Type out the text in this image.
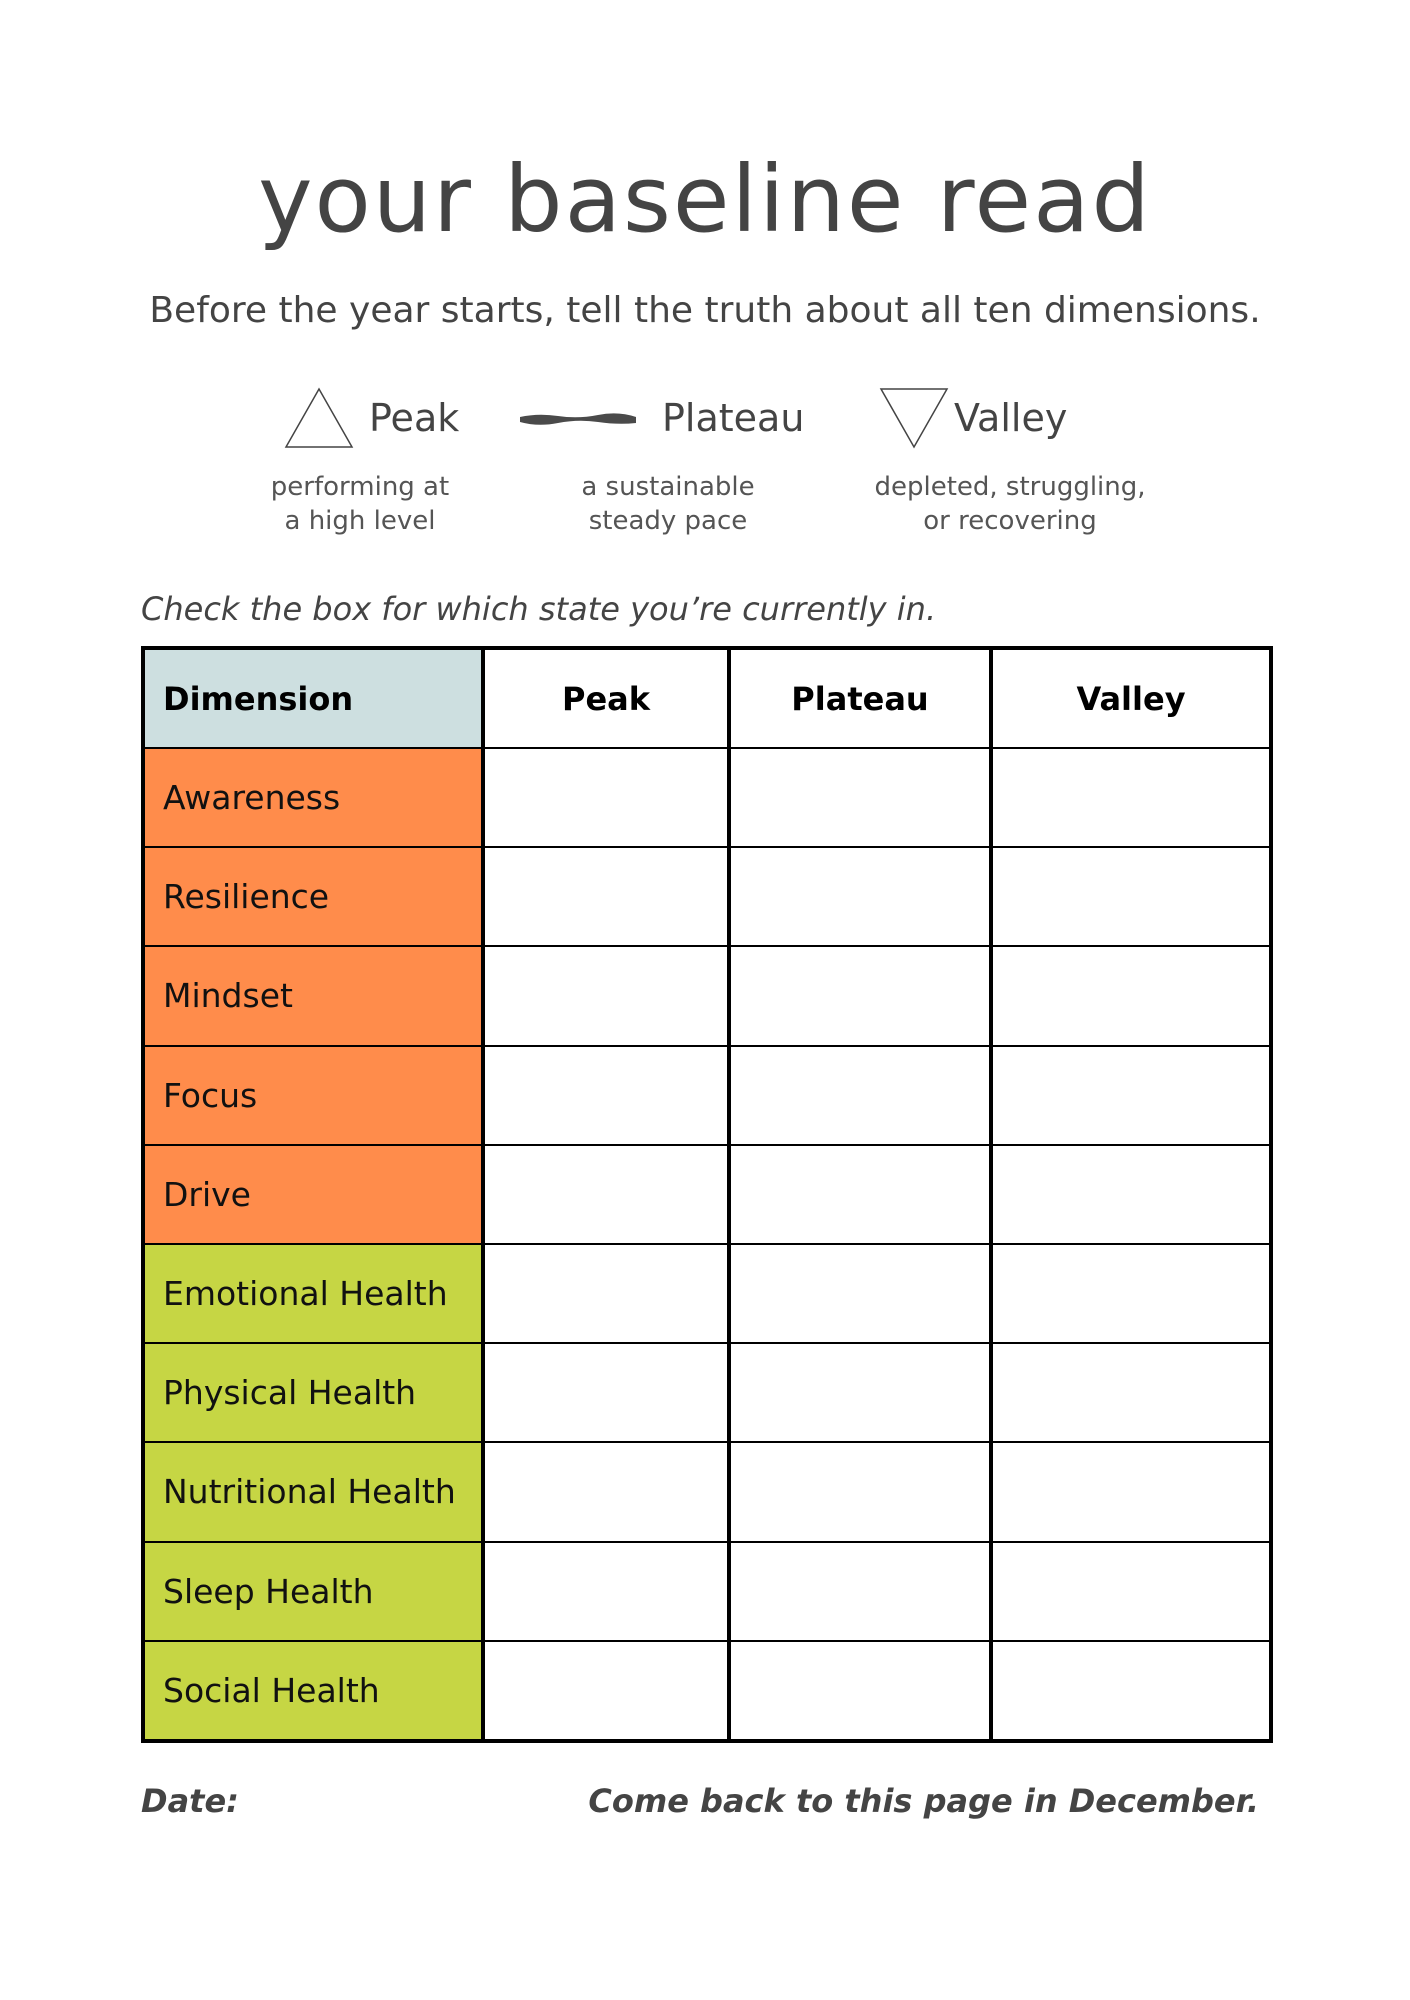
your baseline read
Before the year starts, tell the truth about all ten dimensions.
Peak
performing at
a high level
Plateau
a sustainable
steady pace
Valley
depleted, struggling,
or recovering
Check the box for which state you’re currently in.
Dimension	Peak	Plateau	Valley
Awareness			
Resilience			
Mindset			
Focus			
Drive			
Emotional Health			
Physical Health			
Nutritional Health			
Sleep Health			
Social Health			
Date:	Come back to this page in December.
